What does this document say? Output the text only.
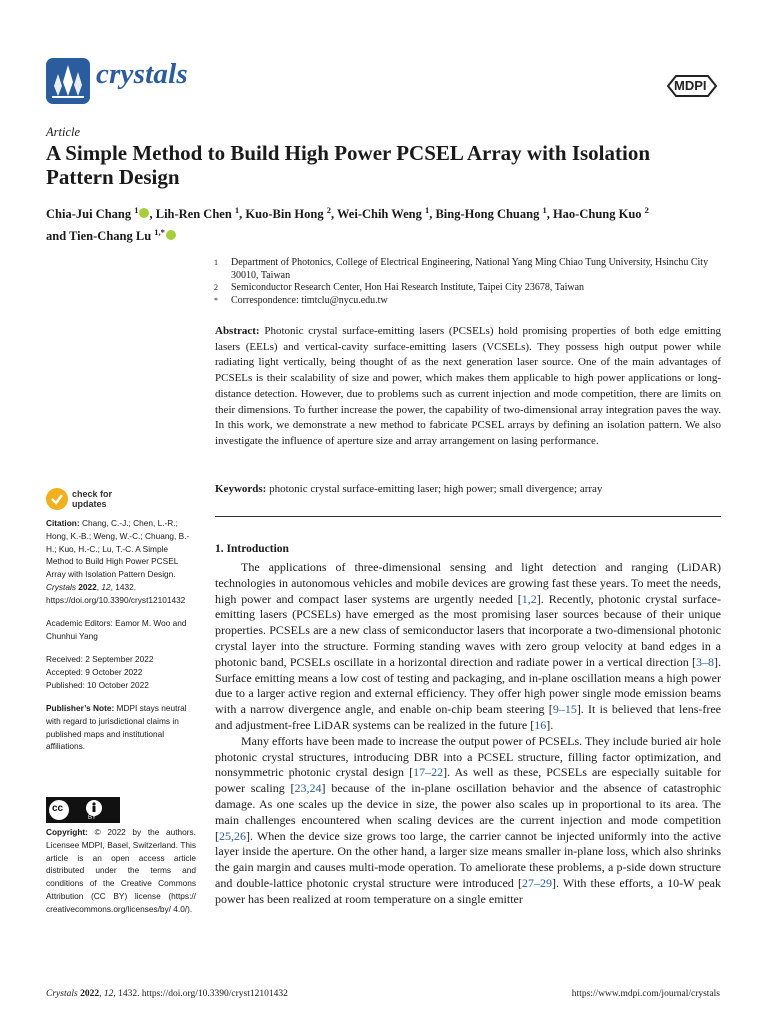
crystals	MDPI
Article
A Simple Method to Build High Power PCSEL Array with Isolation Pattern Design
Chia-Jui Chang $^1$ , Lih-Ren Chen $^1$, Kuo-Bin Hong $^2$, Wei-Chih Weng $^1$, Bing-Hong Chuang $^1$, Hao-Chung Kuo $^2$
and Tien-Chang Lu $^{1,*}$
1	Department of Photonics, College of Electrical Engineering, National Yang Ming Chiao Tung University, Hsinchu City 30010, Taiwan
2	Semiconductor Research Center, Hon Hai Research Institute, Taipei City 23678, Taiwan
*	Correspondence: timtclu@nycu.edu.tw

Abstract: Photonic crystal surface-emitting lasers (PCSELs) hold promising properties of both edge emitting lasers (EELs) and vertical-cavity surface-emitting lasers (VCSELs). They possess high output power while radiating light vertically, being thought of as the next generation laser source. One of the main advantages of PCSELs is their scalability of size and power, which makes them applicable to high power applications or long-distance detection. However, due to problems such as current injection and mode competition, there are limits on their dimensions. To further increase the power, the capability of two-dimensional array integration paves the way. In this work, we demonstrate a new method to fabricate PCSEL arrays by defining an isolation pattern. We also investigate the influence of aperture size and array arrangement on lasing performance.

Keywords: photonic crystal surface-emitting laser; high power; small divergence; array

check for
updates

Citation: Chang, C.-J.; Chen, L.-R.; Hong, K.-B.; Weng, W.-C.; Chuang, B.-H.; Kuo, H.-C.; Lu, T.-C. A Simple Method to Build High Power PCSEL Array with Isolation Pattern Design. Crystals 2022, 12, 1432. https://doi.org/10.3390/cryst12101432

Academic Editors: Eamor M. Woo and Chunhui Yang

Received: 2 September 2022

Accepted: 9 October 2022

Published: 10 October 2022

Publisher’s Note: MDPI stays neutral with regard to jurisdictional claims in published maps and institutional affiliations.

cc
BY
Copyright: © 2022 by the authors. Licensee MDPI, Basel, Switzerland. This article is an open access article distributed under the terms and conditions of the Creative Commons Attribution (CC BY) license (https:// creativecommons.org/licenses/by/ 4.0/).
1. Introduction

The applications of three-dimensional sensing and light detection and ranging (LiDAR) technologies in autonomous vehicles and mobile devices are growing fast these years. To meet the needs, high power and compact laser systems are urgently needed [1,2]. Recently, photonic crystal surface-emitting lasers (PCSELs) have emerged as the most promising laser sources because of their unique properties. PCSELs are a new class of semiconductor lasers that incorporate a two-dimensional photonic crystal layer into the structure. Forming standing waves with zero group velocity at band edges in a photonic band, PCSELs oscillate in a horizontal direction and radiate power in a vertical direction [3–8]. Surface emitting means a low cost of testing and packaging, and in-plane oscillation means a high power due to a larger active region and external efficiency. They offer high power single mode emission beams with a narrow divergence angle, and enable on-chip beam steering [9–15]. It is believed that lens-free and adjustment-free LiDAR systems can be realized in the future [16].

Many efforts have been made to increase the output power of PCSELs. They include buried air hole photonic crystal structures, introducing DBR into a PCSEL structure, filling factor optimization, and nonsymmetric photonic crystal design [17–22]. As well as these, PCSELs are especially suitable for power scaling [23,24] because of the in-plane oscillation behavior and the absence of catastrophic damage. As one scales up the device in size, the power also scales up in proportional to its area. The main challenges encountered when scaling devices are the current injection and mode competition [25,26]. When the device size grows too large, the carrier cannot be injected uniformly into the active layer inside the aperture. On the other hand, a larger size means smaller in-plane loss, which also shrinks the gain margin and causes multi-mode operation. To ameliorate these problems, a p-side down structure and double-lattice photonic crystal structure were introduced [27–29]. With these efforts, a 10-W peak power has been realized at room temperature on a single emitter

Crystals 2022, 12, 1432. https://doi.org/10.3390/cryst12101432	https://www.mdpi.com/journal/crystals
